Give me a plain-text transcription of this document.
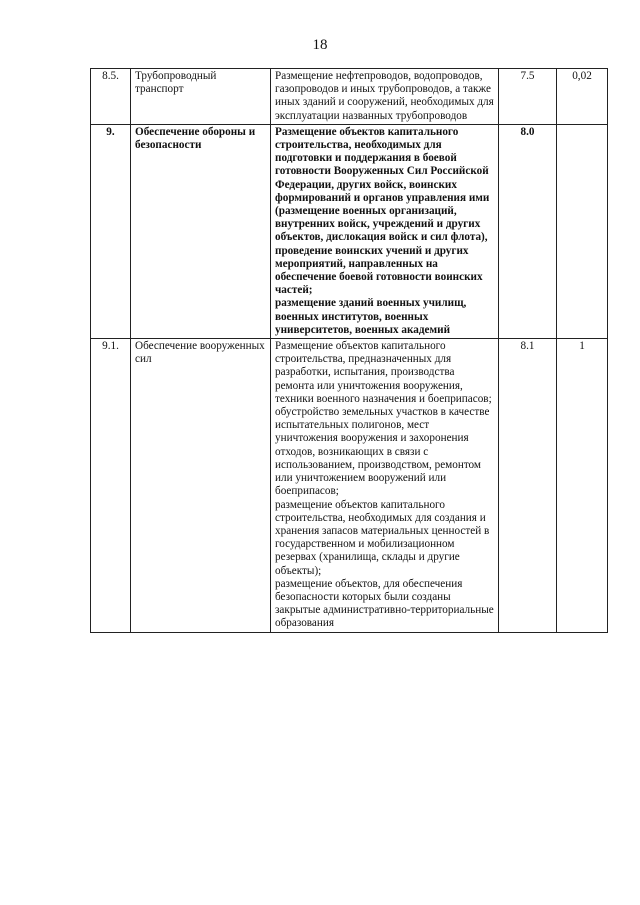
18
8.5.	Трубопроводный транспорт	Размещение нефтепроводов, водопроводов, газопроводов и иных трубопроводов, а также иных зданий и сооружений, необходимых для эксплуатации названных трубопроводов	7.5	0,02
9.	Обеспечение обороны и безопасности	Размещение объектов капитального строительства, необходимых для подготовки и поддержания в боевой готовности Вооруженных Сил Российской Федерации, других войск, воинских формирований и органов управления ими (размещение военных организаций, внутренних войск, учреждений и других объектов, дислокация войск и сил флота), проведение воинских учений и других мероприятий, направленных на обеспечение боевой готовности воинских частей;
размещение зданий военных училищ, военных институтов, военных университетов, военных академий	8.0	
9.1.	Обеспечение вооруженных сил	Размещение объектов капитального строительства, предназначенных для разработки, испытания, производства ремонта или уничтожения вооружения, техники военного назначения и боеприпасов;
обустройство земельных участков в качестве испытательных полигонов, мест уничтожения вооружения и захоронения отходов, возникающих в связи с использованием, производством, ремонтом или уничтожением вооружений или боеприпасов;
размещение объектов капитального строительства, необходимых для создания и хранения запасов материальных ценностей в государственном и мобилизационном резервах (хранилища, склады и другие объекты);
размещение объектов, для обеспечения безопасности которых были созданы закрытые административно-территориальные образования	8.1	1
